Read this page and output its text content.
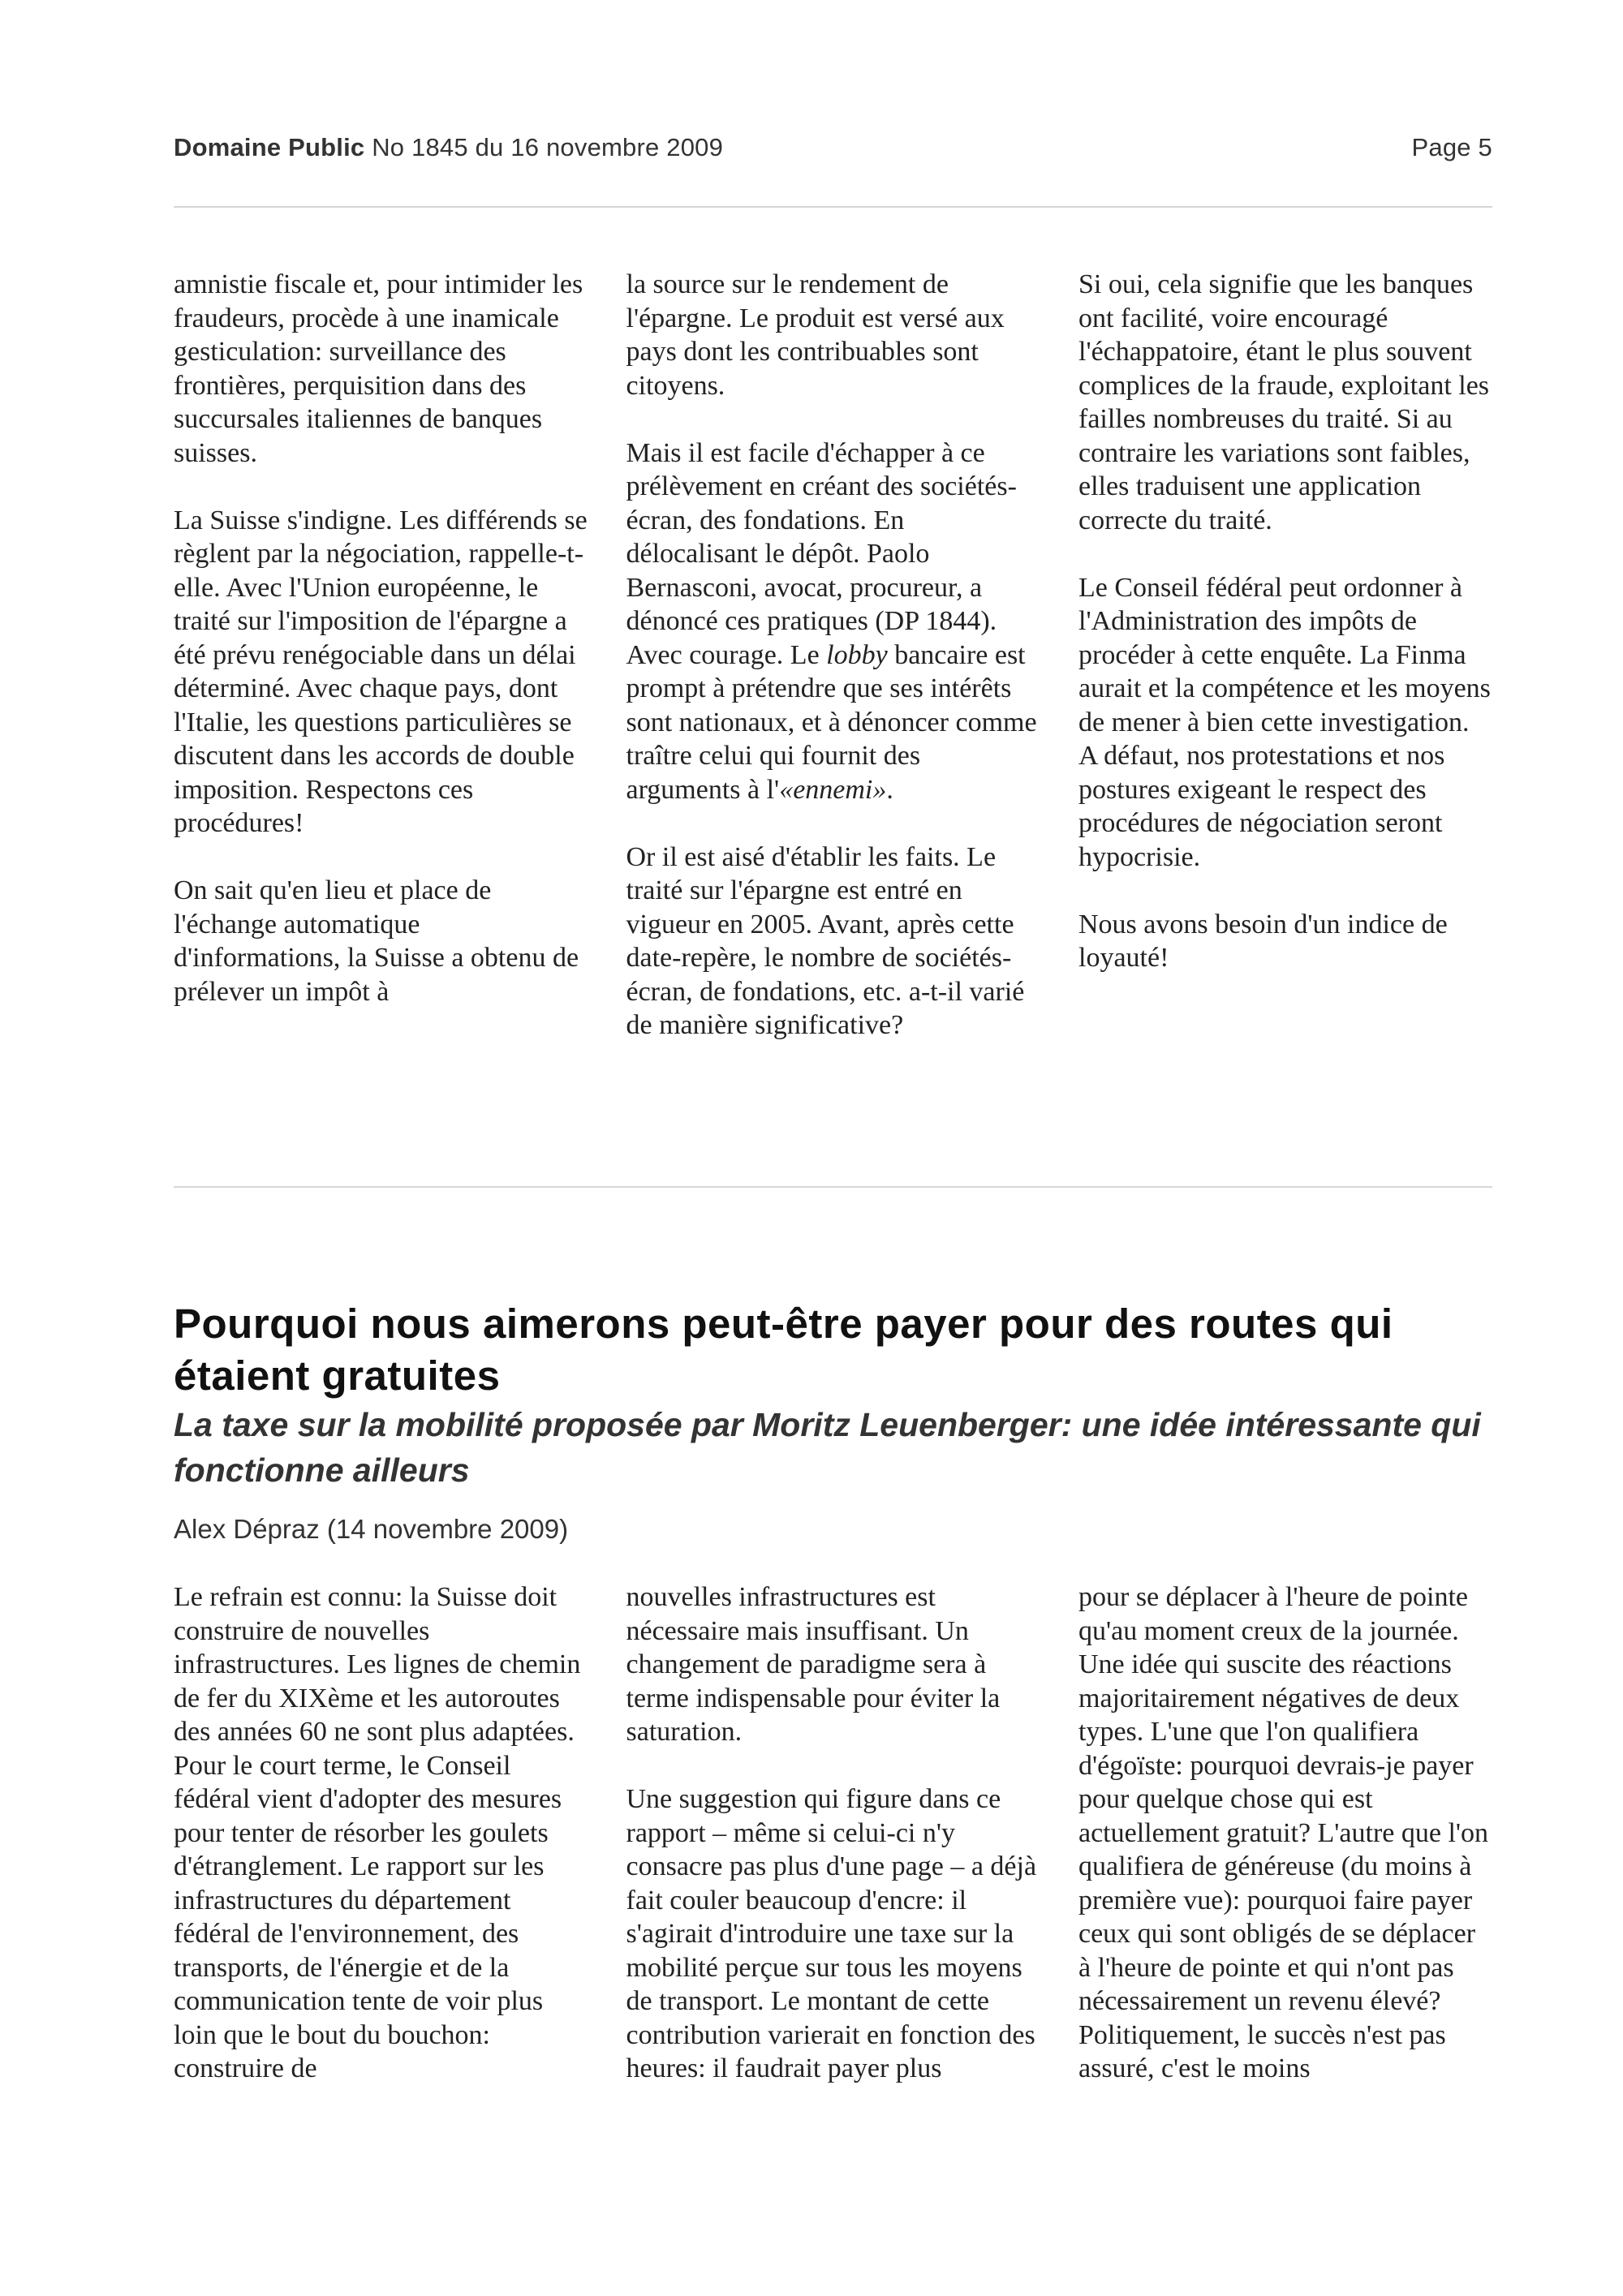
Domaine Public No 1845 du 16 novembre 2009	Page 5

amnistie fiscale et, pour intimider les fraudeurs, procède à une inamicale gesticulation: surveillance des frontières, perquisition dans des succursales italiennes de banques suisses.

La Suisse s'indigne. Les différends se règlent par la négociation, rappelle-t-elle. Avec l'Union européenne, le traité sur l'imposition de l'épargne a été prévu renégociable dans un délai déterminé. Avec chaque pays, dont l'Italie, les questions particulières se discutent dans les accords de double imposition. Respectons ces procédures!

On sait qu'en lieu et place de l'échange automatique d'informations, la Suisse a obtenu de prélever un impôt à

la source sur le rendement de l'épargne. Le produit est versé aux pays dont les contribuables sont citoyens.

Mais il est facile d'échapper à ce prélèvement en créant des sociétés-écran, des fondations. En délocalisant le dépôt. Paolo Bernasconi, avocat, procureur, a dénoncé ces pratiques (DP 1844). Avec courage. Le lobby bancaire est prompt à prétendre que ses intérêts sont nationaux, et à dénoncer comme traître celui qui fournit des arguments à l'«ennemi».

Or il est aisé d'établir les faits. Le traité sur l'épargne est entré en vigueur en 2005. Avant, après cette date-repère, le nombre de sociétés-écran, de fondations, etc. a-t-il varié de manière significative?

Si oui, cela signifie que les banques ont facilité, voire encouragé l'échappatoire, étant le plus souvent complices de la fraude, exploitant les failles nombreuses du traité. Si au contraire les variations sont faibles, elles traduisent une application correcte du traité.

Le Conseil fédéral peut ordonner à l'Administration des impôts de procéder à cette enquête. La Finma aurait et la compétence et les moyens de mener à bien cette investigation. A défaut, nos protestations et nos postures exigeant le respect des procédures de négociation seront hypocrisie.

Nous avons besoin d'un indice de loyauté!

Pourquoi nous aimerons peut-être payer pour des routes qui étaient gratuites
La taxe sur la mobilité proposée par Moritz Leuenberger: une idée intéressante qui fonctionne ailleurs
Alex Dépraz (14 novembre 2009)

Le refrain est connu: la Suisse doit construire de nouvelles infrastructures. Les lignes de chemin de fer du XIXème et les autoroutes des années 60 ne sont plus adaptées. Pour le court terme, le Conseil fédéral vient d'adopter des mesures pour tenter de résorber les goulets d'étranglement. Le rapport sur les infrastructures du département fédéral de l'environnement, des transports, de l'énergie et de la communication tente de voir plus loin que le bout du bouchon: construire de

nouvelles infrastructures est nécessaire mais insuffisant. Un changement de paradigme sera à terme indispensable pour éviter la saturation.

Une suggestion qui figure dans ce rapport – même si celui-ci n'y consacre pas plus d'une page – a déjà fait couler beaucoup d'encre: il s'agirait d'introduire une taxe sur la mobilité perçue sur tous les moyens de transport. Le montant de cette contribution varierait en fonction des heures: il faudrait payer plus

pour se déplacer à l'heure de pointe qu'au moment creux de la journée. Une idée qui suscite des réactions majoritairement négatives de deux types. L'une que l'on qualifiera d'égoïste: pourquoi devrais-je payer pour quelque chose qui est actuellement gratuit? L'autre que l'on qualifiera de généreuse (du moins à première vue): pourquoi faire payer ceux qui sont obligés de se déplacer à l'heure de pointe et qui n'ont pas nécessairement un revenu élevé? Politiquement, le succès n'est pas assuré, c'est le moins
